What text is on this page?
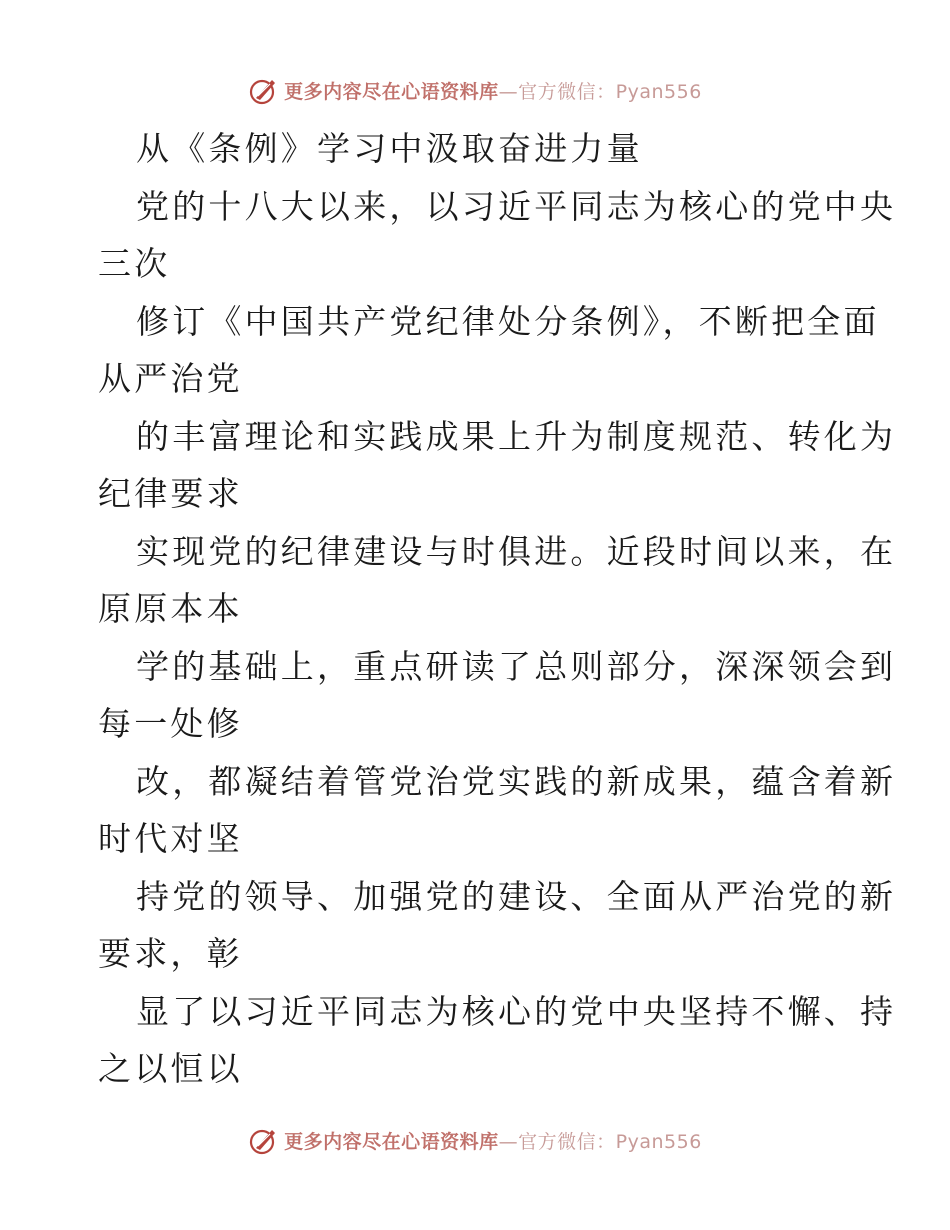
更多内容尽在心语资料库—官方微信：Pyan556
从《条例》学习中汲取奋进力量
党的十八大以来，以习近平同志为核心的党中央
三次
修订《中国共产党纪律处分条例》，不断把全面
从严治党
的丰富理论和实践成果上升为制度规范、转化为
纪律要求
实现党的纪律建设与时俱进。近段时间以来，在
原原本本
学的基础上，重点研读了总则部分，深深领会到
每一处修
改，都凝结着管党治党实践的新成果，蕴含着新
时代对坚
持党的领导、加强党的建设、全面从严治党的新
要求，彰
显了以习近平同志为核心的党中央坚持不懈、持
之以恒以
更多内容尽在心语资料库—官方微信：Pyan556
